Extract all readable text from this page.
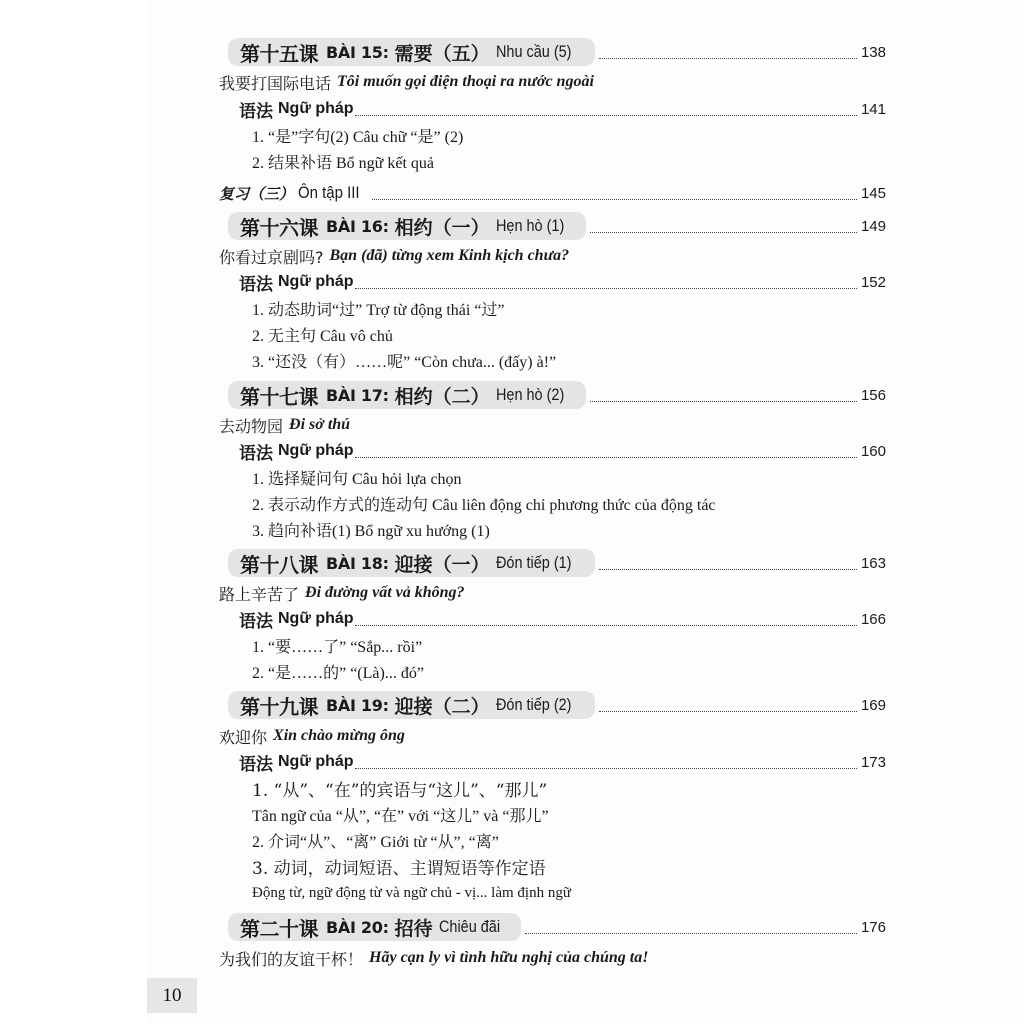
第十五课 BÀI 15: 需要（五） Nhu cầu (5)	138
我要打国际电话 Tôi muốn gọi điện thoại ra nước ngoài
语法 Ngữ pháp	141
1. “是”字句(2) Câu chữ “是” (2)
2. 结果补语 Bổ ngữ kết quả
复习（三） Ôn tập III	145
第十六课 BÀI 16: 相约（一） Hẹn hò (1)	149
你看过京剧吗? Bạn (đã) từng xem Kinh kịch chưa?
语法 Ngữ pháp	152
1. 动态助词“过” Trợ từ động thái “过”
2. 无主句 Câu vô chủ
3. “还没（有）……呢” “Còn chưa... (đấy) à!”
第十七课 BÀI 17: 相约（二） Hẹn hò (2)	156
去动物园 Đi sở thú
语法 Ngữ pháp	160
1. 选择疑问句 Câu hỏi lựa chọn
2. 表示动作方式的连动句 Câu liên động chỉ phương thức của động tác
3. 趋向补语(1) Bổ ngữ xu hướng (1)
第十八课 BÀI 18: 迎接（一） Đón tiếp (1)	163
路上辛苦了 Đi đường vất vả không?
语法 Ngữ pháp	166
1. “要……了” “Sắp... rồi”
2. “是……的” “(Là)... đó”
第十九课 BÀI 19: 迎接（二） Đón tiếp (2)	169
欢迎你 Xin chào mừng ông
语法 Ngữ pháp	173
1. “从”、“在”的宾语与“这儿”、“那儿”
Tân ngữ của “从”, “在” với “这儿” và “那儿”
2. 介词“从”、“离” Giới từ “从”, “离”
3. 动词，动词短语、主谓短语等作定语
Động từ, ngữ động từ và ngữ chủ - vị... làm định ngữ
第二十课 BÀI 20: 招待 Chiêu đãi	176
为我们的友谊干杯！ Hãy cạn ly vì tình hữu nghị của chúng ta!
10
